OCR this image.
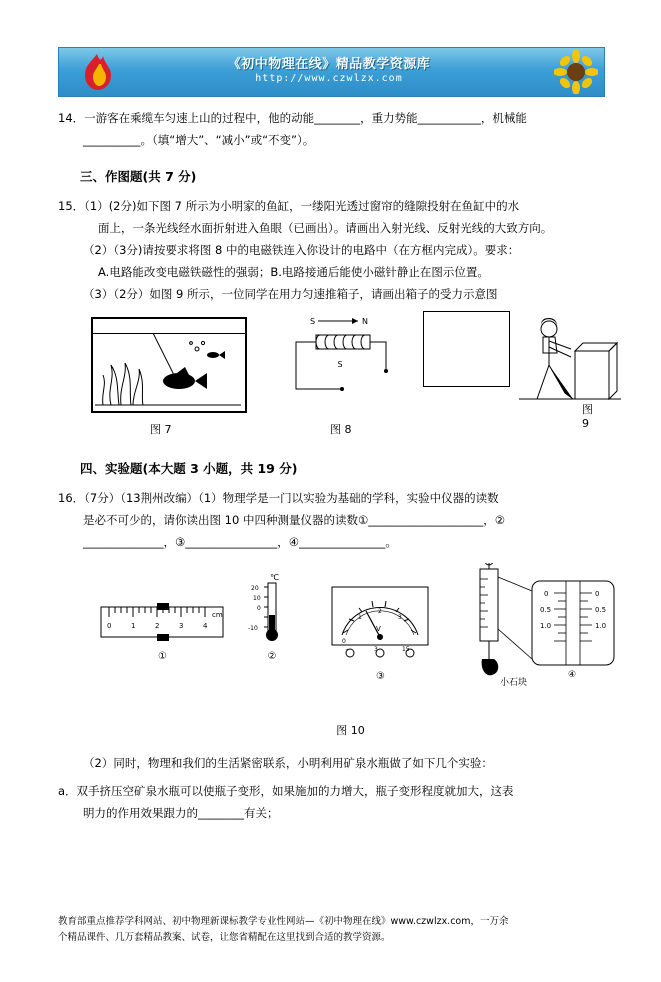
《初中物理在线》精品教学资源库
http://www.czwlzx.com
14．一游客在乘缆车匀速上山的过程中，他的动能________，重力势能___________，机械能
__________。（填“增大”、“减小”或“不变”）。
三、作图题(共 7 分)
15．（1）(2分)如下图 7 所示为小明家的鱼缸，一缕阳光透过窗帘的缝隙投射在鱼缸中的水
面上，一条光线经水面折射进入鱼眼（已画出）。请画出入射光线、反射光线的大致方向。
（2）（3分)请按要求将图 8 中的电磁铁连入你设计的电路中（在方框内完成）。要求：
A.电路能改变电磁铁磁性的强弱；B.电路接通后能使小磁针静止在图示位置。
（3）（2分）如图 9 所示，一位同学在用力匀速推箱子，请画出箱子的受力示意图
图 7
S	N
S
图 8
图 9
四、实验题(本大题 3 小题，共 19 分)
16．（7分）（13荆州改编）（1）物理学是一门以实验为基础的学科，实验中仪器的读数
是必不可少的，请你读出图 10 中四种测量仪器的读数①____________________，②
______________，③________________，④_______________。
0	1	2	3	4
cm
①
℃
20
10
0
-10
②
0
1
2
3
V
3	15
-
③
小石块
0
0.5
1.0
0
0.5
1.0
④
图 10
（2）同时，物理和我们的生活紧密联系，小明利用矿泉水瓶做了如下几个实验：
a．双手挤压空矿泉水瓶可以使瓶子变形，如果施加的力增大，瓶子变形程度就加大，这表
明力的作用效果跟力的________有关；
教育部重点推荐学科网站、初中物理新课标教学专业性网站—《初中物理在线》www.czwlzx.com，一万余
个精品课件、几万套精品教案、试卷，让您省精配在这里找到合适的教学资源。
